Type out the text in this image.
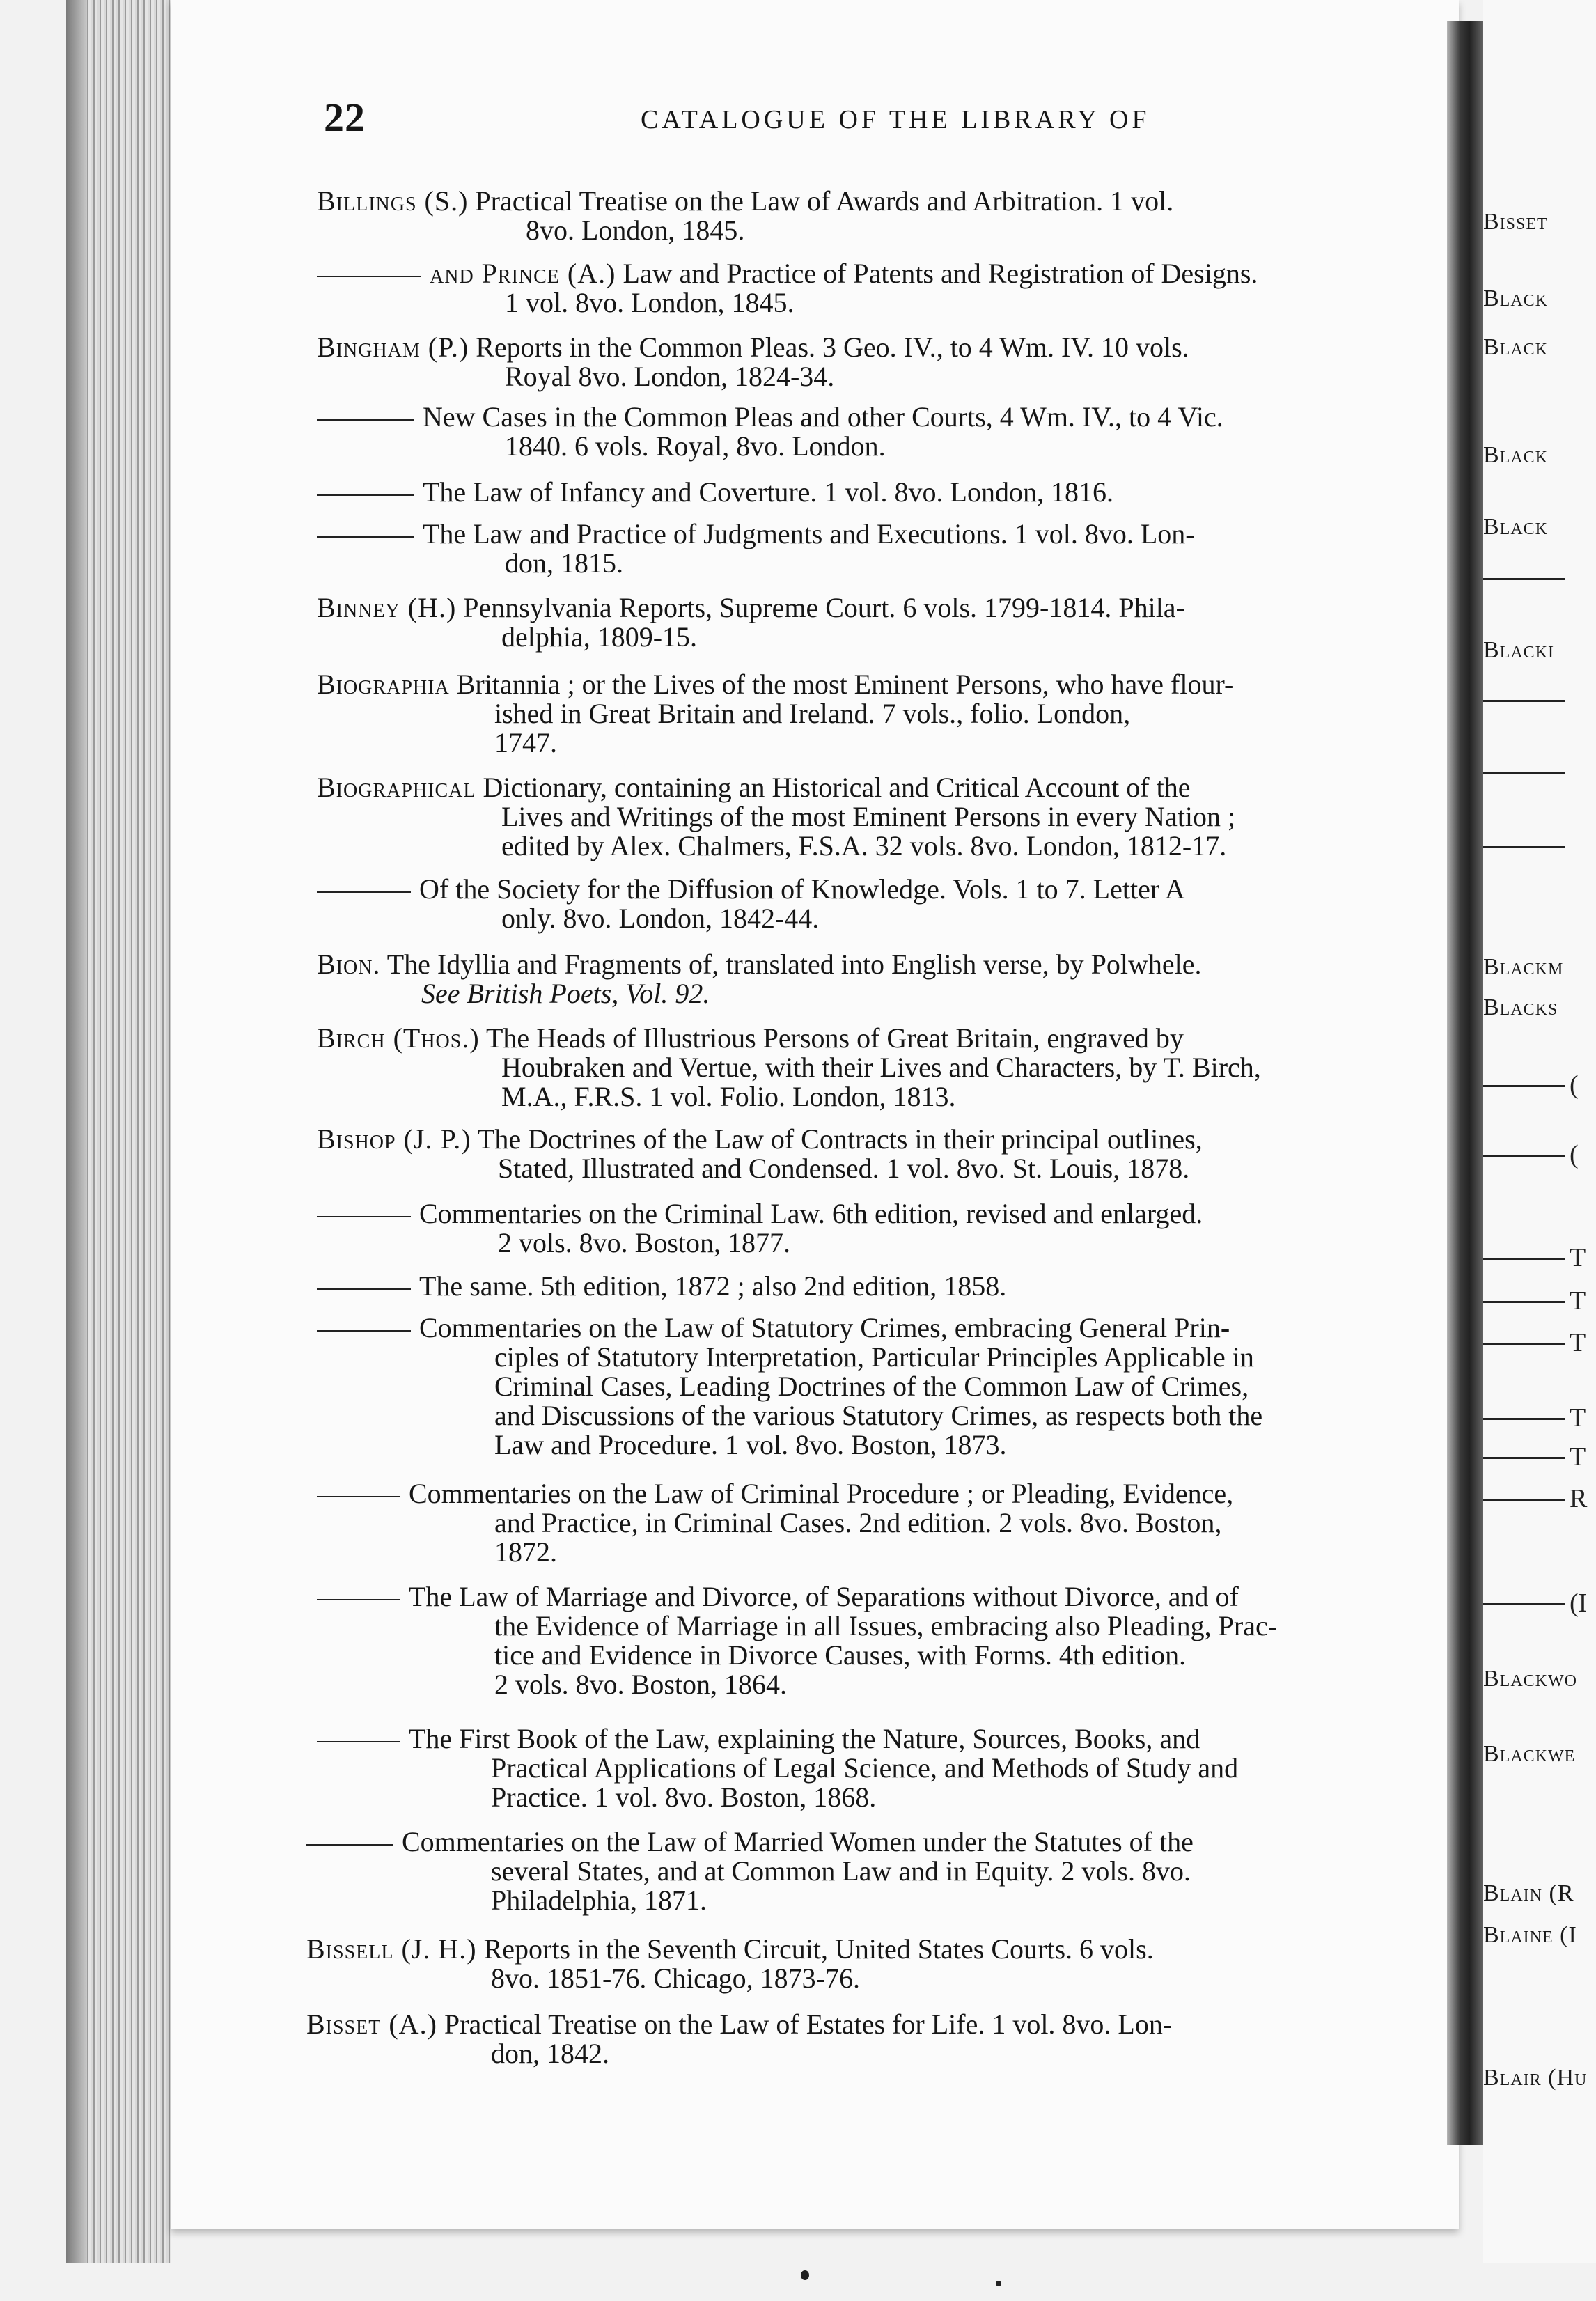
22	CATALOGUE OF THE LIBRARY OF
Billings (S.) Practical Treatise on the Law of Awards and Arbitration. 1 vol.
8vo. London, 1845.
and Prince (A.) Law and Practice of Patents and Registration of Designs.
1 vol. 8vo. London, 1845.
Bingham (P.) Reports in the Common Pleas. 3 Geo. IV., to 4 Wm. IV. 10 vols.
Royal 8vo. London, 1824-34.
New Cases in the Common Pleas and other Courts, 4 Wm. IV., to 4 Vic.
1840. 6 vols. Royal, 8vo. London.
The Law of Infancy and Coverture. 1 vol. 8vo. London, 1816.
The Law and Practice of Judgments and Executions. 1 vol. 8vo. Lon-
don, 1815.
Binney (H.) Pennsylvania Reports, Supreme Court. 6 vols. 1799-1814. Phila-
delphia, 1809-15.
Biographia Britannia ; or the Lives of the most Eminent Persons, who have flour-
ished in Great Britain and Ireland. 7 vols., folio. London,
1747.
Biographical Dictionary, containing an Historical and Critical Account of the
Lives and Writings of the most Eminent Persons in every Nation ;
edited by Alex. Chalmers, F.S.A. 32 vols. 8vo. London, 1812-17.
Of the Society for the Diffusion of Knowledge. Vols. 1 to 7. Letter A
only. 8vo. London, 1842-44.
Bion. The Idyllia and Fragments of, translated into English verse, by Polwhele.
See British Poets, Vol. 92.
Birch (Thos.) The Heads of Illustrious Persons of Great Britain, engraved by
Houbraken and Vertue, with their Lives and Characters, by T. Birch,
M.A., F.R.S. 1 vol. Folio. London, 1813.
Bishop (J. P.) The Doctrines of the Law of Contracts in their principal outlines,
Stated, Illustrated and Condensed. 1 vol. 8vo. St. Louis, 1878.
Commentaries on the Criminal Law. 6th edition, revised and enlarged.
2 vols. 8vo. Boston, 1877.
The same. 5th edition, 1872 ; also 2nd edition, 1858.
Commentaries on the Law of Statutory Crimes, embracing General Prin-
ciples of Statutory Interpretation, Particular Principles Applicable in
Criminal Cases, Leading Doctrines of the Common Law of Crimes,
and Discussions of the various Statutory Crimes, as respects both the
Law and Procedure. 1 vol. 8vo. Boston, 1873.
Commentaries on the Law of Criminal Procedure ; or Pleading, Evidence,
and Practice, in Criminal Cases. 2nd edition. 2 vols. 8vo. Boston,
1872.
The Law of Marriage and Divorce, of Separations without Divorce, and of
the Evidence of Marriage in all Issues, embracing also Pleading, Prac-
tice and Evidence in Divorce Causes, with Forms. 4th edition.
2 vols. 8vo. Boston, 1864.
The First Book of the Law, explaining the Nature, Sources, Books, and
Practical Applications of Legal Science, and Methods of Study and
Practice. 1 vol. 8vo. Boston, 1868.
Commentaries on the Law of Married Women under the Statutes of the
several States, and at Common Law and in Equity. 2 vols. 8vo.
Philadelphia, 1871.
Bissell (J. H.) Reports in the Seventh Circuit, United States Courts. 6 vols.
8vo. 1851-76. Chicago, 1873-76.
Bisset (A.) Practical Treatise on the Law of Estates for Life. 1 vol. 8vo. Lon-
don, 1842.
Bisset
Black
Black
Black
Black
Blacki
Blackm
Blacks
(
(
T
T
T
T
T
R
(I
Blackwo
Blackwe
Blain (R
Blaine (I
Blair (Hu
